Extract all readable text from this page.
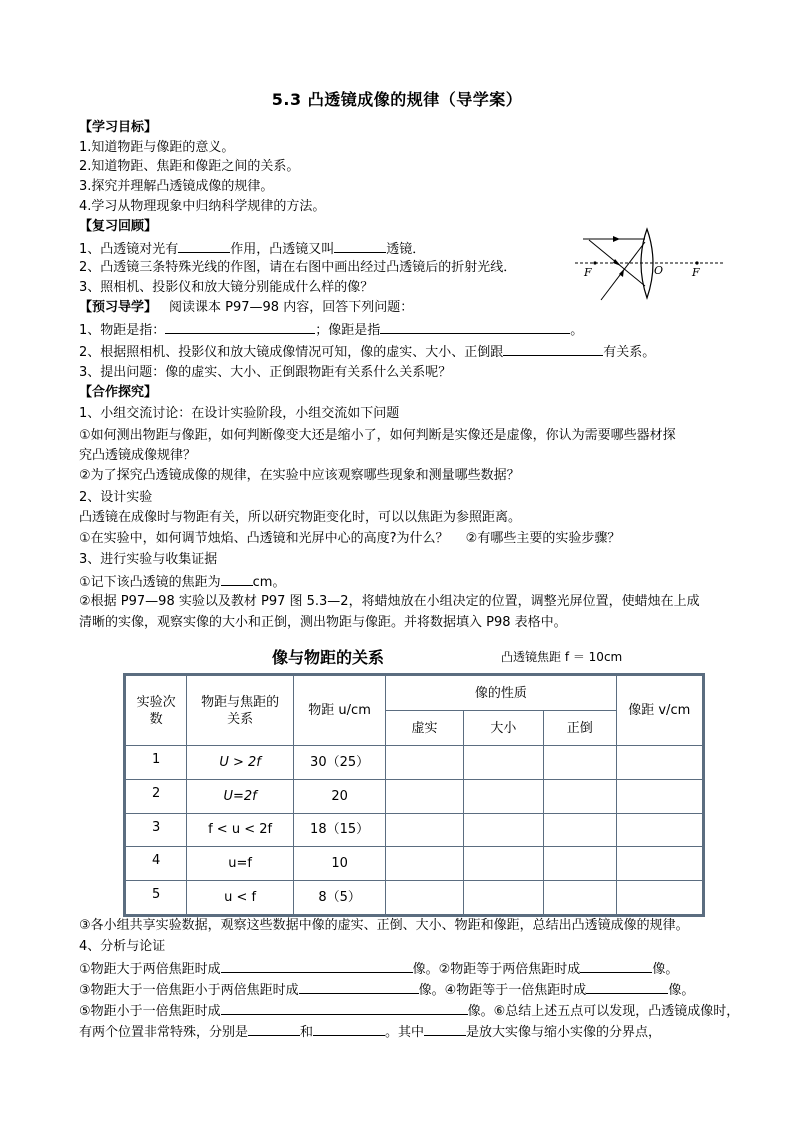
5.3 凸透镜成像的规律（导学案）
【学习目标】
1.知道物距与像距的意义。
2.知道物距、焦距和像距之间的关系。
3.探究并理解凸透镜成像的规律。
4.学习从物理现象中归纳科学规律的方法。
【复习回顾】
1、凸透镜对光有	作用，凸透镜又叫	透镜．
2、凸透镜三条特殊光线的作图，请在右图中画出经过凸透镜后的折射光线．
3、照相机、投影仪和放大镜分别能成什么样的像？
F	O	F
【预习导学】 阅读课本 P97—98 内容，回答下列问题：
1、物距是指：	；像距是指	。
2、根据照相机、投影仪和放大镜成像情况可知，像的虚实、大小、正倒跟	有关系。
3、提出问题：像的虚实、大小、正倒跟物距有关系什么关系呢？
【合作探究】
1、小组交流讨论：在设计实验阶段，小组交流如下问题
①如何测出物距与像距，如何判断像变大还是缩小了，如何判断是实像还是虚像，你认为需要哪些器材探
究凸透镜成像规律？
②为了探究凸透镜成像的规律，在实验中应该观察哪些现象和测量哪些数据？
2、设计实验
凸透镜在成像时与物距有关，所以研究物距变化时，可以以焦距为参照距离。
①在实验中，如何调节烛焰、凸透镜和光屏中心的高度?为什么？ 　②有哪些主要的实验步骤？
3、进行实验与收集证据
①记下该凸透镜的焦距为 cm。
②根据 P97—98 实验以及教材 P97 图 5.3—2，将蜡烛放在小组决定的位置，调整光屏位置，使蜡烛在上成
清晰的实像，观察实像的大小和正倒，测出物距与像距。并将数据填入 P98 表格中。
像与物距的关系	凸透镜焦距 f ＝ 10cm
实验次数	物距与焦距的关系	物距 u/cm	像的性质			像距 v/cm
			虚实	大小	正倒	
1	U > 2f	30（25）				
2	U=2f	20				
3	f < u < 2f	18（15）				
4	u=f	10				
5	u < f	8（5）				
③各小组共享实验数据，观察这些数据中像的虚实、正倒、大小、物距和像距，总结出凸透镜成像的规律。
4、分析与论证
①物距大于两倍焦距时成	像。②物距等于两倍焦距时成	像。
③物距大于一倍焦距小于两倍焦距时成	像。④物距等于一倍焦距时成	像。
⑤物距小于一倍焦距时成	像。⑥总结上述五点可以发现，凸透镜成像时，
有两个位置非常特殊，分别是	和	。其中	是放大实像与缩小实像的分界点，
